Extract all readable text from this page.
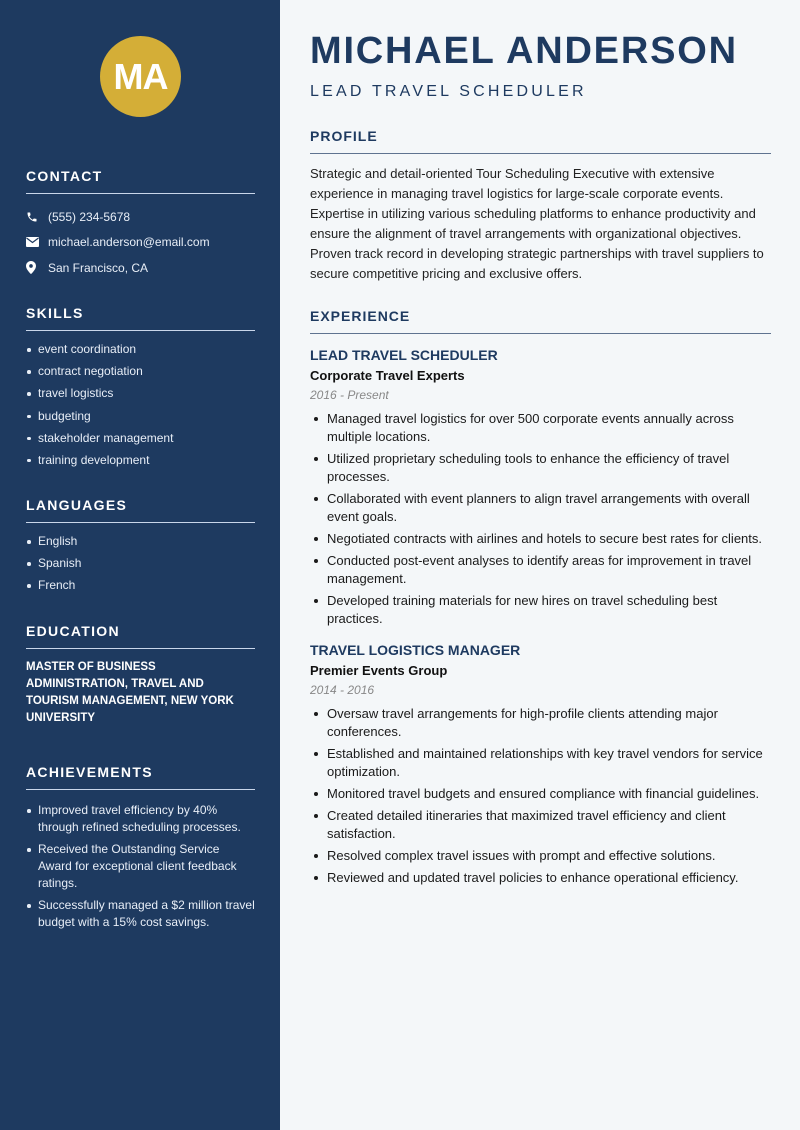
MA
CONTACT
(555) 234-5678
michael.anderson@email.com
San Francisco, CA
SKILLS
event coordination
contract negotiation
travel logistics
budgeting
stakeholder management
training development
LANGUAGES
English
Spanish
French
EDUCATION
MASTER OF BUSINESS ADMINISTRATION, TRAVEL AND TOURISM MANAGEMENT, NEW YORK UNIVERSITY
ACHIEVEMENTS
Improved travel efficiency by 40% through refined scheduling processes.
Received the Outstanding Service Award for exceptional client feedback ratings.
Successfully managed a $2 million travel budget with a 15% cost savings.
MICHAEL ANDERSON
LEAD TRAVEL SCHEDULER
PROFILE
Strategic and detail-oriented Tour Scheduling Executive with extensive experience in managing travel logistics for large-scale corporate events. Expertise in utilizing various scheduling platforms to enhance productivity and ensure the alignment of travel arrangements with organizational objectives. Proven track record in developing strategic partnerships with travel suppliers to secure competitive pricing and exclusive offers.
EXPERIENCE
LEAD TRAVEL SCHEDULER
Corporate Travel Experts
2016 - Present
Managed travel logistics for over 500 corporate events annually across multiple locations.
Utilized proprietary scheduling tools to enhance the efficiency of travel processes.
Collaborated with event planners to align travel arrangements with overall event goals.
Negotiated contracts with airlines and hotels to secure best rates for clients.
Conducted post-event analyses to identify areas for improvement in travel management.
Developed training materials for new hires on travel scheduling best practices.
TRAVEL LOGISTICS MANAGER
Premier Events Group
2014 - 2016
Oversaw travel arrangements for high-profile clients attending major conferences.
Established and maintained relationships with key travel vendors for service optimization.
Monitored travel budgets and ensured compliance with financial guidelines.
Created detailed itineraries that maximized travel efficiency and client satisfaction.
Resolved complex travel issues with prompt and effective solutions.
Reviewed and updated travel policies to enhance operational efficiency.
